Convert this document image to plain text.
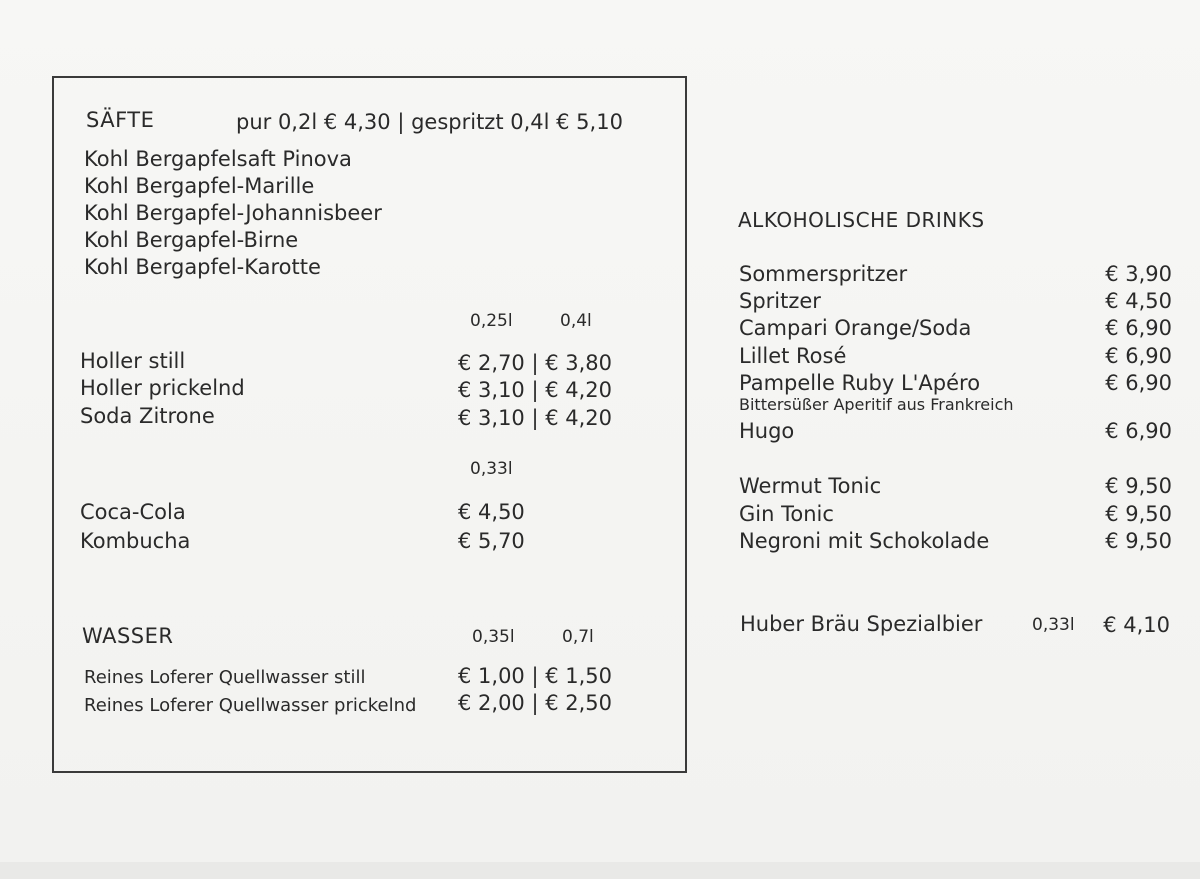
SÄFTE	pur 0,2l € 4,30 | gespritzt 0,4l € 5,10
Kohl Bergapfelsaft Pinova
Kohl Bergapfel-Marille
Kohl Bergapfel-Johannisbeer
Kohl Bergapfel-Birne
Kohl Bergapfel-Karotte
0,25l	0,4l
Holler still	€ 2,70 | € 3,80
Holler prickelnd	€ 3,10 | € 4,20
Soda Zitrone	€ 3,10 | € 4,20
0,33l
Coca-Cola	€ 4,50
Kombucha	€ 5,70
WASSER	0,35l	0,7l
Reines Loferer Quellwasser still	€ 1,00 | € 1,50
Reines Loferer Quellwasser prickelnd € 2,00 | € 2,50
ALKOHOLISCHE DRINKS
Sommerspritzer	€ 3,90
Spritzer	€ 4,50
Campari Orange/Soda	€ 6,90
Lillet Rosé	€ 6,90
Pampelle Ruby L'Apéro	€ 6,90
Bittersüßer Aperitif aus Frankreich
Hugo	€ 6,90
Wermut Tonic	€ 9,50
Gin Tonic	€ 9,50
Negroni mit Schokolade	€ 9,50
Huber Bräu Spezialbier	0,33l € 4,10
